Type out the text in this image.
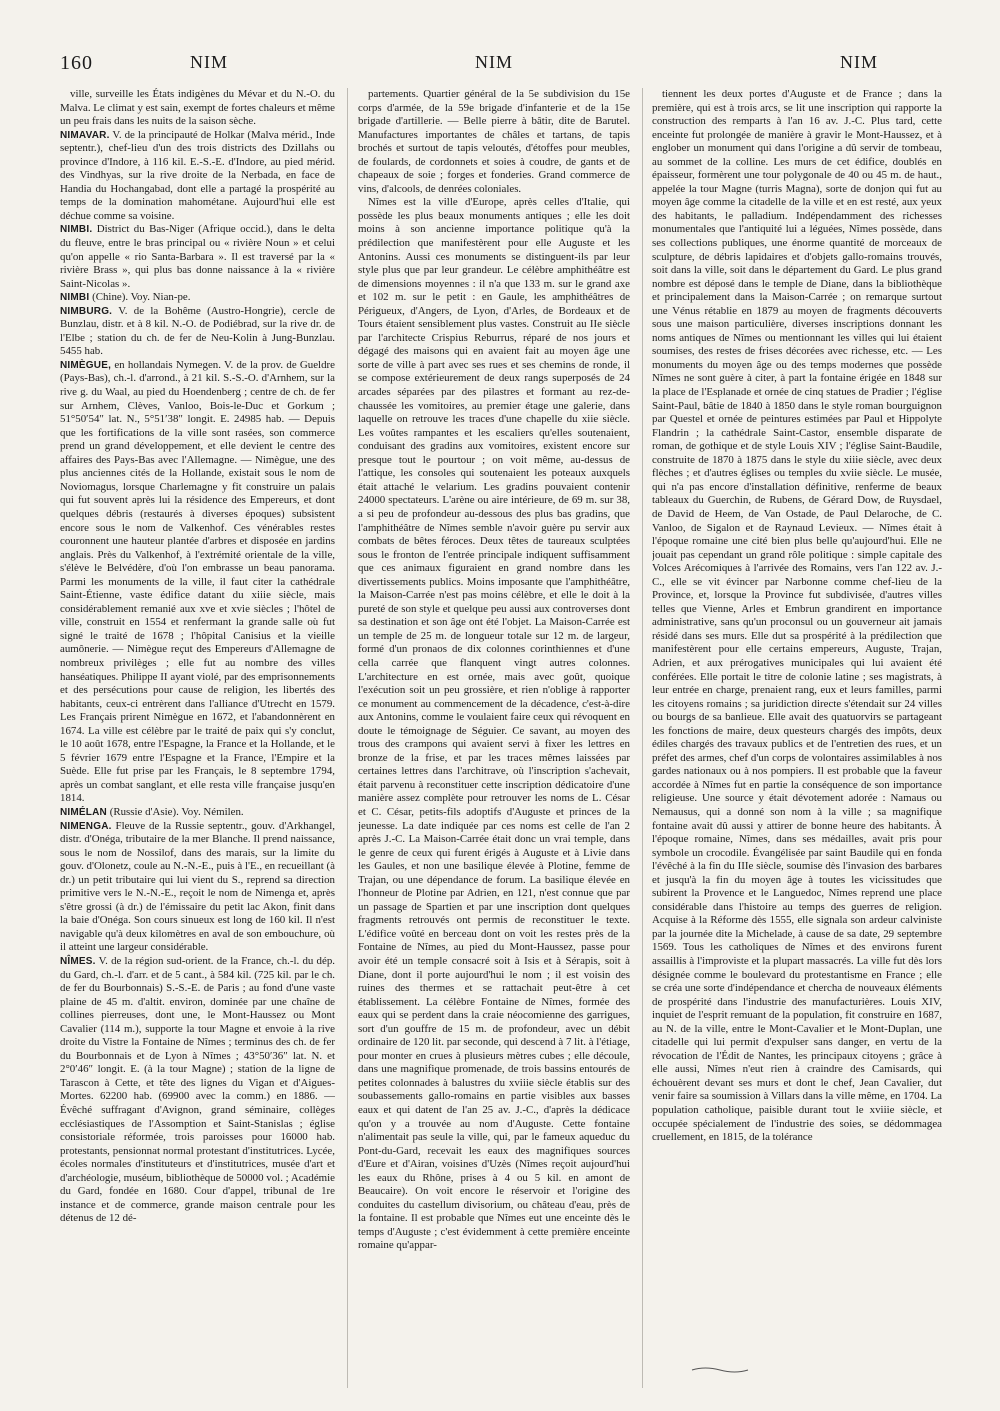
160	NIM	NIM	NIM

ville, surveille les États indigènes du Mévar et du N.-O. du Malva. Le climat y est sain, exempt de fortes chaleurs et même un peu frais dans les nuits de la saison sèche.

NIMAVAR. V. de la principauté de Holkar (Malva mérid., Inde septentr.), chef-lieu d'un des trois districts des Dzillahs ou province d'Indore, à 116 kil. E.-S.-E. d'Indore, au pied mérid. des Vindhyas, sur la rive droite de la Nerbada, en face de Handia du Hochangabad, dont elle a partagé la prospérité au temps de la domination mahométane. Aujourd'hui elle est déchue comme sa voisine.

NIMBI. District du Bas-Niger (Afrique occid.), dans le delta du fleuve, entre le bras principal ou « rivière Noun » et celui qu'on appelle « rio Santa-Barbara ». Il est traversé par la « rivière Brass », qui plus bas donne naissance à la « rivière Saint-Nicolas ».

NIMBI (Chine). Voy. Nian-pe.

NIMBURG. V. de la Bohême (Austro-Hongrie), cercle de Bunzlau, distr. et à 8 kil. N.-O. de Podiébrad, sur la rive dr. de l'Elbe ; station du ch. de fer de Neu-Kolin à Jung-Bunzlau. 5455 hab.

NIMÈGUE, en hollandais Nymegen. V. de la prov. de Gueldre (Pays-Bas), ch.-l. d'arrond., à 21 kil. S.-S.-O. d'Arnhem, sur la rive g. du Waal, au pied du Hoendenberg ; centre de ch. de fer sur Arnhem, Clèves, Vanloo, Bois-le-Duc et Gorkum ; 51°50′54″ lat. N., 5°51′38″ longit. E. 24985 hab. — Depuis que les fortifications de la ville sont rasées, son commerce prend un grand développement, et elle devient le centre des affaires des Pays-Bas avec l'Allemagne. — Nimègue, une des plus anciennes cités de la Hollande, existait sous le nom de Noviomagus, lorsque Charlemagne y fit construire un palais qui fut souvent après lui la résidence des Empereurs, et dont quelques débris (restaurés à diverses époques) subsistent encore sous le nom de Valkenhof. Ces vénérables restes couronnent une hauteur plantée d'arbres et disposée en jardins anglais. Près du Valkenhof, à l'extrémité orientale de la ville, s'élève le Belvédère, d'où l'on embrasse un beau panorama. Parmi les monuments de la ville, il faut citer la cathédrale Saint-Étienne, vaste édifice datant du xiiie siècle, mais considérablement remanié aux xve et xvie siècles ; l'hôtel de ville, construit en 1554 et renfermant la grande salle où fut signé le traité de 1678 ; l'hôpital Canisius et la vieille aumônerie. — Nimègue reçut des Empereurs d'Allemagne de nombreux privilèges ; elle fut au nombre des villes hanséatiques. Philippe II ayant violé, par des emprisonnements et des persécutions pour cause de religion, les libertés des habitants, ceux-ci entrèrent dans l'alliance d'Utrecht en 1579. Les Français prirent Nimègue en 1672, et l'abandonnèrent en 1674. La ville est célèbre par le traité de paix qui s'y conclut, le 10 août 1678, entre l'Espagne, la France et la Hollande, et le 5 février 1679 entre l'Espagne et la France, l'Empire et la Suède. Elle fut prise par les Français, le 8 septembre 1794, après un combat sanglant, et elle resta ville française jusqu'en 1814.

NIMÉLAN (Russie d'Asie). Voy. Némilen.

NIMENGA. Fleuve de la Russie septentr., gouv. d'Arkhangel, distr. d'Onéga, tributaire de la mer Blanche. Il prend naissance, sous le nom de Nossilof, dans des marais, sur la limite du gouv. d'Olonetz, coule au N.-N.-E., puis à l'E., en recueillant (à dr.) un petit tributaire qui lui vient du S., reprend sa direction primitive vers le N.-N.-E., reçoit le nom de Nimenga et, après s'être grossi (à dr.) de l'émissaire du petit lac Akon, finit dans la baie d'Onéga. Son cours sinueux est long de 160 kil. Il n'est navigable qu'à deux kilomètres en aval de son embouchure, où il atteint une largeur considérable.

NÎMES. V. de la région sud-orient. de la France, ch.-l. du dép. du Gard, ch.-l. d'arr. et de 5 cant., à 584 kil. (725 kil. par le ch. de fer du Bourbonnais) S.-S.-E. de Paris ; au fond d'une vaste plaine de 45 m. d'altit. environ, dominée par une chaîne de collines pierreuses, dont une, le Mont-Haussez ou Mont Cavalier (114 m.), supporte la tour Magne et envoie à la rive droite du Vistre la Fontaine de Nîmes ; terminus des ch. de fer du Bourbonnais et de Lyon à Nîmes ; 43°50′36″ lat. N. et 2°0′46″ longit. E. (à la tour Magne) ; station de la ligne de Tarascon à Cette, et tête des lignes du Vigan et d'Aigues-Mortes. 62200 hab. (69900 avec la comm.) en 1886. — Évêché suffragant d'Avignon, grand séminaire, collèges ecclésiastiques de l'Assomption et Saint-Stanislas ; église consistoriale réformée, trois paroisses pour 16000 hab. protestants, pensionnat normal protestant d'institutrices. Lycée, écoles normales d'instituteurs et d'institutrices, musée d'art et d'archéologie, muséum, bibliothèque de 50000 vol. ; Académie du Gard, fondée en 1680. Cour d'appel, tribunal de 1re instance et de commerce, grande maison centrale pour les détenus de 12 dé-

partements. Quartier général de la 5e subdivision du 15e corps d'armée, de la 59e brigade d'infanterie et de la 15e brigade d'artillerie. — Belle pierre à bâtir, dite de Barutel. Manufactures importantes de châles et tartans, de tapis brochés et surtout de tapis veloutés, d'étoffes pour meubles, de foulards, de cordonnets et soies à coudre, de gants et de chapeaux de soie ; forges et fonderies. Grand commerce de vins, d'alcools, de denrées coloniales.

Nîmes est la ville d'Europe, après celles d'Italie, qui possède les plus beaux monuments antiques ; elle les doit moins à son ancienne importance politique qu'à la prédilection que manifestèrent pour elle Auguste et les Antonins. Aussi ces monuments se distinguent-ils par leur style plus que par leur grandeur. Le célèbre amphithéâtre est de dimensions moyennes : il n'a que 133 m. sur le grand axe et 102 m. sur le petit : en Gaule, les amphithéâtres de Périgueux, d'Angers, de Lyon, d'Arles, de Bordeaux et de Tours étaient sensiblement plus vastes. Construit au IIe siècle par l'architecte Crispius Reburrus, réparé de nos jours et dégagé des maisons qui en avaient fait au moyen âge une sorte de ville à part avec ses rues et ses chemins de ronde, il se compose extérieurement de deux rangs superposés de 24 arcades séparées par des pilastres et formant au rez-de-chaussée les vomitoires, au premier étage une galerie, dans laquelle on retrouve les traces d'une chapelle du xiie siècle. Les voûtes rampantes et les escaliers qu'elles soutenaient, conduisant des gradins aux vomitoires, existent encore sur presque tout le pourtour ; on voit même, au-dessus de l'attique, les consoles qui soutenaient les poteaux auxquels était attaché le velarium. Les gradins pouvaient contenir 24000 spectateurs. L'arène ou aire intérieure, de 69 m. sur 38, a si peu de profondeur au-dessous des plus bas gradins, que l'amphithéâtre de Nîmes semble n'avoir guère pu servir aux combats de bêtes féroces. Deux têtes de taureaux sculptées sous le fronton de l'entrée principale indiquent suffisamment que ces animaux figuraient en grand nombre dans les divertissements publics. Moins imposante que l'amphithéâtre, la Maison-Carrée n'est pas moins célèbre, et elle le doit à la pureté de son style et quelque peu aussi aux controverses dont sa destination et son âge ont été l'objet. La Maison-Carrée est un temple de 25 m. de longueur totale sur 12 m. de largeur, formé d'un pronaos de dix colonnes corinthiennes et d'une cella carrée que flanquent vingt autres colonnes. L'architecture en est ornée, mais avec goût, quoique l'exécution soit un peu grossière, et rien n'oblige à rapporter ce monument au commencement de la décadence, c'est-à-dire aux Antonins, comme le voulaient faire ceux qui révoquent en doute le témoignage de Séguier. Ce savant, au moyen des trous des crampons qui avaient servi à fixer les lettres en bronze de la frise, et par les traces mêmes laissées par certaines lettres dans l'architrave, où l'inscription s'achevait, était parvenu à reconstituer cette inscription dédicatoire d'une manière assez complète pour retrouver les noms de L. César et C. César, petits-fils adoptifs d'Auguste et princes de la jeunesse. La date indiquée par ces noms est celle de l'an 2 après J.-C. La Maison-Carrée était donc un vrai temple, dans le genre de ceux qui furent érigés à Auguste et à Livie dans les Gaules, et non une basilique élevée à Plotine, femme de Trajan, ou une dépendance de forum. La basilique élevée en l'honneur de Plotine par Adrien, en 121, n'est connue que par un passage de Spartien et par une inscription dont quelques fragments retrouvés ont permis de reconstituer le texte. L'édifice voûté en berceau dont on voit les restes près de la Fontaine de Nîmes, au pied du Mont-Haussez, passe pour avoir été un temple consacré soit à Isis et à Sérapis, soit à Diane, dont il porte aujourd'hui le nom ; il est voisin des ruines des thermes et se rattachait peut-être à cet établissement. La célèbre Fontaine de Nîmes, formée des eaux qui se perdent dans la craie néocomienne des garrigues, sort d'un gouffre de 15 m. de profondeur, avec un débit ordinaire de 120 lit. par seconde, qui descend à 7 lit. à l'étiage, pour monter en crues à plusieurs mètres cubes ; elle découle, dans une magnifique promenade, de trois bassins entourés de petites colonnades à balustres du xviiie siècle établis sur des soubassements gallo-romains en partie visibles aux basses eaux et qui datent de l'an 25 av. J.-C., d'après la dédicace qu'on y a trouvée au nom d'Auguste. Cette fontaine n'alimentait pas seule la ville, qui, par le fameux aqueduc du Pont-du-Gard, recevait les eaux des magnifiques sources d'Eure et d'Airan, voisines d'Uzès (Nîmes reçoit aujourd'hui les eaux du Rhône, prises à 4 ou 5 kil. en amont de Beaucaire). On voit encore le réservoir et l'origine des conduites du castellum divisorium, ou château d'eau, près de la fontaine. Il est probable que Nîmes eut une enceinte dès le temps d'Auguste ; c'est évidemment à cette première enceinte romaine qu'appar-

tiennent les deux portes d'Auguste et de France ; dans la première, qui est à trois arcs, se lit une inscription qui rapporte la construction des remparts à l'an 16 av. J.-C. Plus tard, cette enceinte fut prolongée de manière à gravir le Mont-Haussez, et à englober un monument qui dans l'origine a dû servir de tombeau, au sommet de la colline. Les murs de cet édifice, doublés en épaisseur, formèrent une tour polygonale de 40 ou 45 m. de haut., appelée la tour Magne (turris Magna), sorte de donjon qui fut au moyen âge comme la citadelle de la ville et en est resté, aux yeux des habitants, le palladium. Indépendamment des richesses monumentales que l'antiquité lui a léguées, Nîmes possède, dans ses collections publiques, une énorme quantité de morceaux de sculpture, de débris lapidaires et d'objets gallo-romains trouvés, soit dans la ville, soit dans le département du Gard. Le plus grand nombre est déposé dans le temple de Diane, dans la bibliothèque et principalement dans la Maison-Carrée ; on remarque surtout une Vénus rétablie en 1879 au moyen de fragments découverts sous une maison particulière, diverses inscriptions donnant les noms antiques de Nîmes ou mentionnant les villes qui lui étaient soumises, des restes de frises décorées avec richesse, etc. — Les monuments du moyen âge ou des temps modernes que possède Nîmes ne sont guère à citer, à part la fontaine érigée en 1848 sur la place de l'Esplanade et ornée de cinq statues de Pradier ; l'église Saint-Paul, bâtie de 1840 à 1850 dans le style roman bourguignon par Questel et ornée de peintures estimées par Paul et Hippolyte Flandrin ; la cathédrale Saint-Castor, ensemble disparate de roman, de gothique et de style Louis XIV ; l'église Saint-Baudile, construite de 1870 à 1875 dans le style du xiiie siècle, avec deux flèches ; et d'autres églises ou temples du xviie siècle. Le musée, qui n'a pas encore d'installation définitive, renferme de beaux tableaux du Guerchin, de Rubens, de Gérard Dow, de Ruysdael, de David de Heem, de Van Ostade, de Paul Delaroche, de C. Vanloo, de Sigalon et de Raynaud Levieux. — Nîmes était à l'époque romaine une cité bien plus belle qu'aujourd'hui. Elle ne jouait pas cependant un grand rôle politique : simple capitale des Volces Arécomiques à l'arrivée des Romains, vers l'an 122 av. J.-C., elle se vit évincer par Narbonne comme chef-lieu de la Province, et, lorsque la Province fut subdivisée, d'autres villes telles que Vienne, Arles et Embrun grandirent en importance administrative, sans qu'un proconsul ou un gouverneur ait jamais résidé dans ses murs. Elle dut sa prospérité à la prédilection que manifestèrent pour elle certains empereurs, Auguste, Trajan, Adrien, et aux prérogatives municipales qui lui avaient été conférées. Elle portait le titre de colonie latine ; ses magistrats, à leur entrée en charge, prenaient rang, eux et leurs familles, parmi les citoyens romains ; sa juridiction directe s'étendait sur 24 villes ou bourgs de sa banlieue. Elle avait des quatuorvirs se partageant les fonctions de maire, deux questeurs chargés des impôts, deux édiles chargés des travaux publics et de l'entretien des rues, et un préfet des armes, chef d'un corps de volontaires assimilables à nos gardes nationaux ou à nos pompiers. Il est probable que la faveur accordée à Nîmes fut en partie la conséquence de son importance religieuse. Une source y était dévotement adorée : Namaus ou Nemausus, qui a donné son nom à la ville ; sa magnifique fontaine avait dû aussi y attirer de bonne heure des habitants. À l'époque romaine, Nîmes, dans ses médailles, avait pris pour symbole un crocodile. Évangélisée par saint Baudile qui en fonda l'évêché à la fin du IIIe siècle, soumise dès l'invasion des barbares et jusqu'à la fin du moyen âge à toutes les vicissitudes que subirent la Provence et le Languedoc, Nîmes reprend une place considérable dans l'histoire au temps des guerres de religion. Acquise à la Réforme dès 1555, elle signala son ardeur calviniste par la journée dite la Michelade, à cause de sa date, 29 septembre 1569. Tous les catholiques de Nîmes et des environs furent assaillis à l'improviste et la plupart massacrés. La ville fut dès lors désignée comme le boulevard du protestantisme en France ; elle se créa une sorte d'indépendance et chercha de nouveaux éléments de prospérité dans l'industrie des manufacturières. Louis XIV, inquiet de l'esprit remuant de la population, fit construire en 1687, au N. de la ville, entre le Mont-Cavalier et le Mont-Duplan, une citadelle qui lui permit d'expulser sans danger, en vertu de la révocation de l'Édit de Nantes, les principaux citoyens ; grâce à elle aussi, Nîmes n'eut rien à craindre des Camisards, qui échouèrent devant ses murs et dont le chef, Jean Cavalier, dut venir faire sa soumission à Villars dans la ville même, en 1704. La population catholique, paisible durant tout le xviiie siècle, et occupée spécialement de l'industrie des soies, se dédommagea cruellement, en 1815, de la tolérance
